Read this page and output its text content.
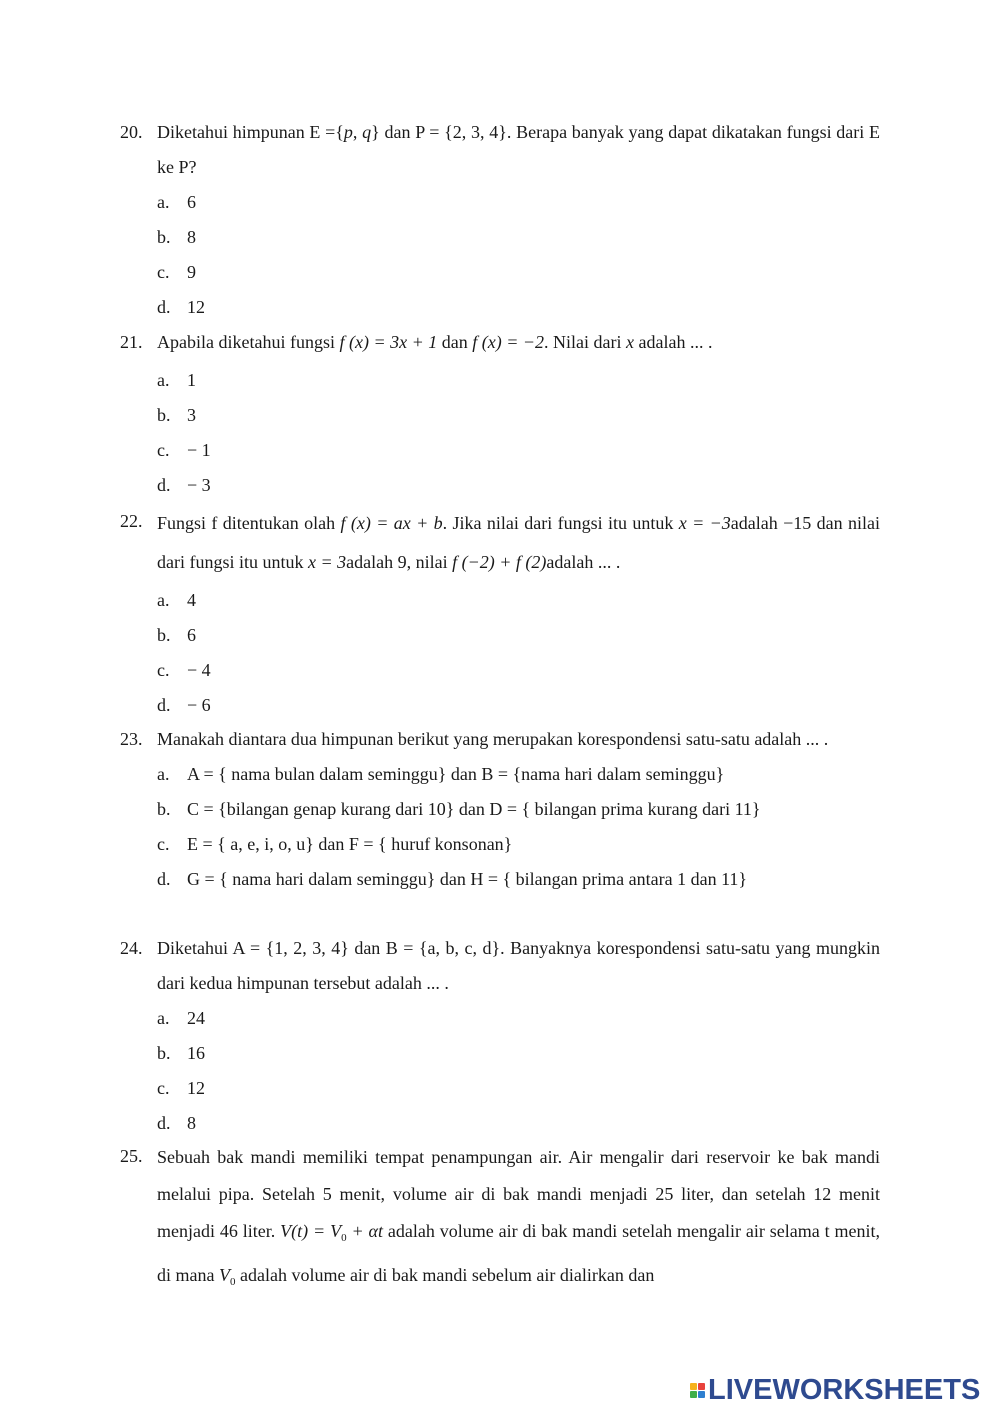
20. Diketahui himpunan E ={p, q} dan P = {2, 3, 4}. Berapa banyak yang dapat dikatakan fungsi dari E ke P?
a. 6
b. 8
c. 9
d. 12
21. Apabila diketahui fungsi f (x) = 3x + 1 dan f (x) = −2. Nilai dari x adalah ... .
a. 1
b. 3
c. − 1
d. − 3
22. Fungsi f ditentukan olah f (x) = ax + b. Jika nilai dari fungsi itu untuk x = −3adalah −15 dan nilai dari fungsi itu untuk x = 3adalah 9, nilai f (−2) + f (2)adalah ... .
a. 4
b. 6
c. − 4
d. − 6
23. Manakah diantara dua himpunan berikut yang merupakan korespondensi satu-satu adalah ... .
a. A = { nama bulan dalam seminggu} dan B = {nama hari dalam seminggu}
b. C = {bilangan genap kurang dari 10} dan D = { bilangan prima kurang dari 11}
c. E = { a, e, i, o, u} dan F = { huruf konsonan}
d. G = { nama hari dalam seminggu} dan H = { bilangan prima antara 1 dan 11}
24. Diketahui A = {1, 2, 3, 4} dan B = {a, b, c, d}. Banyaknya korespondensi satu-satu yang mungkin dari kedua himpunan tersebut adalah ... .
a. 24
b. 16
c. 12
d. 8
25. Sebuah bak mandi memiliki tempat penampungan air. Air mengalir dari reservoir ke bak mandi melalui pipa. Setelah 5 menit, volume air di bak mandi menjadi 25 liter, dan setelah 12 menit menjadi 46 liter. $V(t) = V_0 + \alpha t$ adalah volume air di bak mandi setelah mengalir air selama t menit, di mana $V_0$ adalah volume air di bak mandi sebelum air dialirkan dan
LIVEWORKSHEETS
